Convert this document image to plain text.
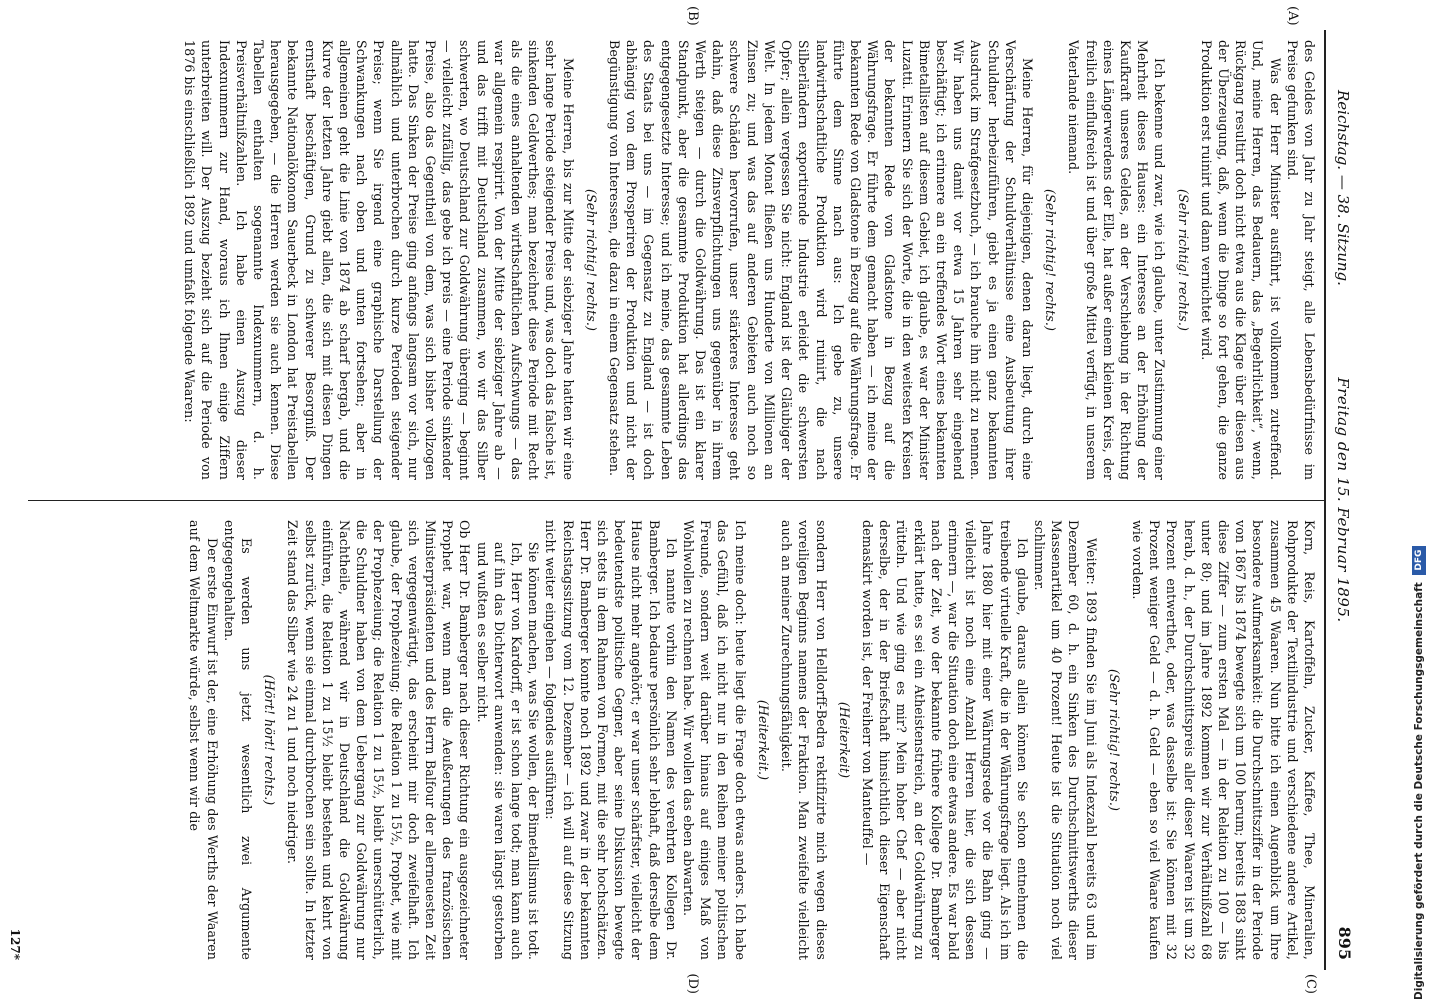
Reichstag. — 38. Sitzung.
Freitag den 15. Februar 1895.
895
(A)
(B)
(C)
(D)

des Geldes von Jahr zu Jahr steigt, alle Lebensbedürfnisse im Preise gefunken sind.

Was der Herr Minister ausführt, ist vollkommen zutreffend. Und, meine Herren, das Bedauern, das „Begehrlichkeit“, wenn, Rückgang resultirt doch nicht etwa aus die Klage über diesen aus der Überzeugung, daß, wenn die Dinge so fort gehen, die ganze Produktion erst ruinirt und dann vernichtet wird.

(Sehr richtig! rechts.)

Ich bekenne und zwar, wie ich glaube, unter Zustimmung einer Mehrheit dieses Hauses: ein Interesse an der Erhöhung der Kaufkraft unseres Geldes, an der Verschiebung in der Richtung eines Längerwerdens der Elle, hat außer einem kleinen Kreis, der freilich einflußreich ist und über große Mittel verfügt, in unserem Vaterlande niemand.

(Sehr richtig! rechts.)

Meine Herren, für diejenigen, denen daran liegt, durch eine Verschärfung der Schuldverhältnisse eine Ausbeutung ihrer Schuldner herbeizuführen, giebt es ja einen ganz bekannten Ausdruck im Strafgesetzbuch, — ich brauche ihn nicht zu nennen. Wir haben uns damit vor etwa 15 Jahren sehr eingehend beschäftigt; ich erinnere an ein treffendes Wort eines bekannten Bimetallisten auf diesem Gebiet, ich glaube, es war der Minister Luzatti. Erinnern Sie sich der Worte, die in den weitesten Kreisen der bekannten Rede von Gladstone in Bezug auf die Währungsfrage. Er führte dem gemacht haben — ich meine der bekannten Rede von Gladstone in Bezug auf die Währungsfrage. Er führte dem Sinne nach aus: Ich gebe zu, unsere landwirthschaftliche Produktion wird ruinirt, die nach Silberländern exportirende Industrie erleidet die schwersten Opfer; allein vergessen Sie nicht: England ist der Gläubiger der Welt. In jedem Monat fließen uns Hunderte von Millionen an Zinsen zu; und was das auf anderen Gebieten auch noch so schwere Schäden hervorrufen, unser stärkeres Interesse geht dahin, daß diese Zinsverpflichtungen uns gegenüber in ihrem Werth steigen — durch die Goldwährung. Das ist ein klarer Standpunkt, aber die gesammte Produktion hat allerdings das entgegengesetzte Interesse; und ich meine, das gesammte Leben des Staats bei uns — im Gegensatz zu England — ist doch abhängig von dem Prosperiren der Produktion und nicht der Begünstigung von Interessen, die dazu in einem Gegensatz stehen.

(Sehr richtig! rechts.)

Meine Herren, bis zur Mitte der siebziger Jahre hatten wir eine sehr lange Periode steigender Preise und, was doch das falsche ist, sinkenden Geldwerthes; man bezeichnet diese Periode mit Recht als die eines anhaltenden wirthschaftlichen Aufschwungs — das war allgemein respirirt. Von der Mitte der siebziger Jahre ab — und das trifft mit Deutschland zusammen, wo wir das Silber schwerten, wo Deutschland zur Goldwährung überging — beginnt — vielleicht zufällig, das gebe ich preis — eine Periode sinkender Preise, also das Gegentheil von dem, was sich bisher vollzogen hatte. Das Sinken der Preise ging anfangs langsam vor sich, nur allmählich und unterbrochen durch kurze Perioden steigender Preise; wenn Sie irgend eine graphische Darstellung der Schwankungen nach oben und unten fortsehen; aber in allgemeinen geht die Linie von 1874 ab scharf bergab, und die Kurve der letzten Jahre giebt allen, die sich mit diesen Dingen ernsthaft beschäftigen, Grund zu schwerer Besorgniß. Der bekannte Nationalökonom Sauerbeck in London hat Preistabellen herausgegeben, — die Herren werden sie auch kennen. Diese Tabellen enthalten sogenannte Indexnummern, d. h. Preisverhältnißzahlen. Ich habe einen Auszug dieser Indexnummern zur Hand, woraus ich Ihnen einige Ziffern unterbreiten will. Der Auszug bezieht sich auf die Periode von 1876 bis einschließlich 1892 und umfaßt folgende Waaren:

Korn, Reis, Kartoffeln, Zucker, Kaffee, Thee, Mineralien, Rohprodukte der Textilindustrie und verschiedene andere Artikel, zusammen 45 Waaren. Nun bitte ich einen Augenblick um Ihre besondere Aufmerksamkeit: die Durchschnittsziffer in der Periode von 1867 bis 1874 bewegte sich um 100 herum; bereits 1883 sinkt diese Ziffer — zum ersten Mal — in der Relation zu 100 — bis unter 80; und im Jahre 1892 kommen wir zur Verhältnißzahl 68 herab, d. h., der Durchschnittspreis aller dieser Waaren ist um 32 Prozent entwerthet, oder, was dasselbe ist: Sie können mit 32 Prozent weniger Geld — d. h. Geld — eben so viel Waare kaufen wie vordem.

(Sehr richtig! rechts.)

Weiter: 1893 finden Sie im Juni als Indexzahl bereits 63 und im Dezember 60, d. h. ein Sinken des Durchschnittswerths dieser Massenartikel um 40 Prozent! Heute ist die Situation noch viel schlimmer.

Ich glaube, daraus allein können Sie schon entnehmen die treibende virtuelle Kraft, die in der Währungsfrage liegt. Als ich im Jahre 1880 hier mit einer Währungsrede vor die Bahn ging — vielleicht ist noch eine Anzahl Herren hier, die sich dessen erinnern —, war die Situation doch eine etwas andere. Es war bald nach der Zeit, wo der bekannte frühere Kollege Dr. Bamberger erklärt hatte, es sei ein Atheistenstreich, an der Goldwährung zu rütteln. Und wie ging es mir? Mein hoher Chef — aber nicht derselbe, der in der Briefschaft hinsichtlich dieser Eigenschaft demaskirt worden ist, der Freiherr von Manteuffel —

(Heiterkeit)

sondern Herr von Helldorff-Bedra rektifizirte mich wegen dieses voreiligen Beginns namens der Fraktion. Man zweifelte vielleicht auch an meiner Zurechnungsfähigkeit.

(Heiterkeit.)

Ich meine doch: heute liegt die Frage doch etwas anders. Ich habe das Gefühl, daß ich nicht nur in den Reihen meiner politischen Freunde, sondern weit darüber hinaus auf einiges Maß von Wohlwollen zu rechnen habe. Wir wollen das eben abwarten.

Ich nannte vorhin den Namen des verehrten Kollegen Dr. Bamberger. Ich bedaure persönlich sehr lebhaft, daß derselbe dem Hause nicht mehr angehört; er war unser schärfster, vielleicht der bedeutendste politische Gegner, aber seine Diskussion bewegte sich stets in dem Rahmen von Formen, mit die sehr hochschätzen. Herr Dr. Bamberger konnte noch 1892 und zwar in der bekannten Reichstagssitzung vom 12. Dezember — ich will auf diese Sitzung nicht weiter eingehen — folgendes ausführen:

Sie können machen, was Sie wollen, der Bimetallismus ist todt. Ich, Herr von Kardorff, er ist schon lange todt; man kann auch auf ihn das Dichterwort anwenden: sie waren längst gestorben und wußten es selber nicht.

Ob Herr Dr. Bamberger nach dieser Richtung ein ausgezeichneter Prophet war, wenn man die Aeußerungen des französischen Ministerpräsidenten und des Herrn Balfour der allerneuesten Zeit sich vergegenwärtigt, das erscheint mir doch zweifelhaft. Ich glaube, der Prophezeiung; die Relation 1 zu 15½, Prophet, wie mit der Prophezeiung; die Relation 1 zu 15½, bleibt unerschütterlich, die Schuldner haben von dem Uebergang zur Goldwährung nur Nachtheile, während wir in Deutschland die Goldwährung einführen, die Relation 1 zu 15½ bleibt bestehen und kehrt von selbst zurück, wenn sie einmal durchbrochen sein sollte. In letzter Zeit stand das Silber wie 24 zu 1 und noch niedriger.

(Hört! hört! rechts.)

Es werden uns jetzt wesentlich zwei Argumente entgegengehalten.

Der erste Einwurf ist der, eine Erhöhung des Werths der Waaren auf dem Weltmarkte würde, selbst wenn wir die

127*	Digitalisierung gefördert durch die Deutsche Forschungsgemeinschaft DFG
